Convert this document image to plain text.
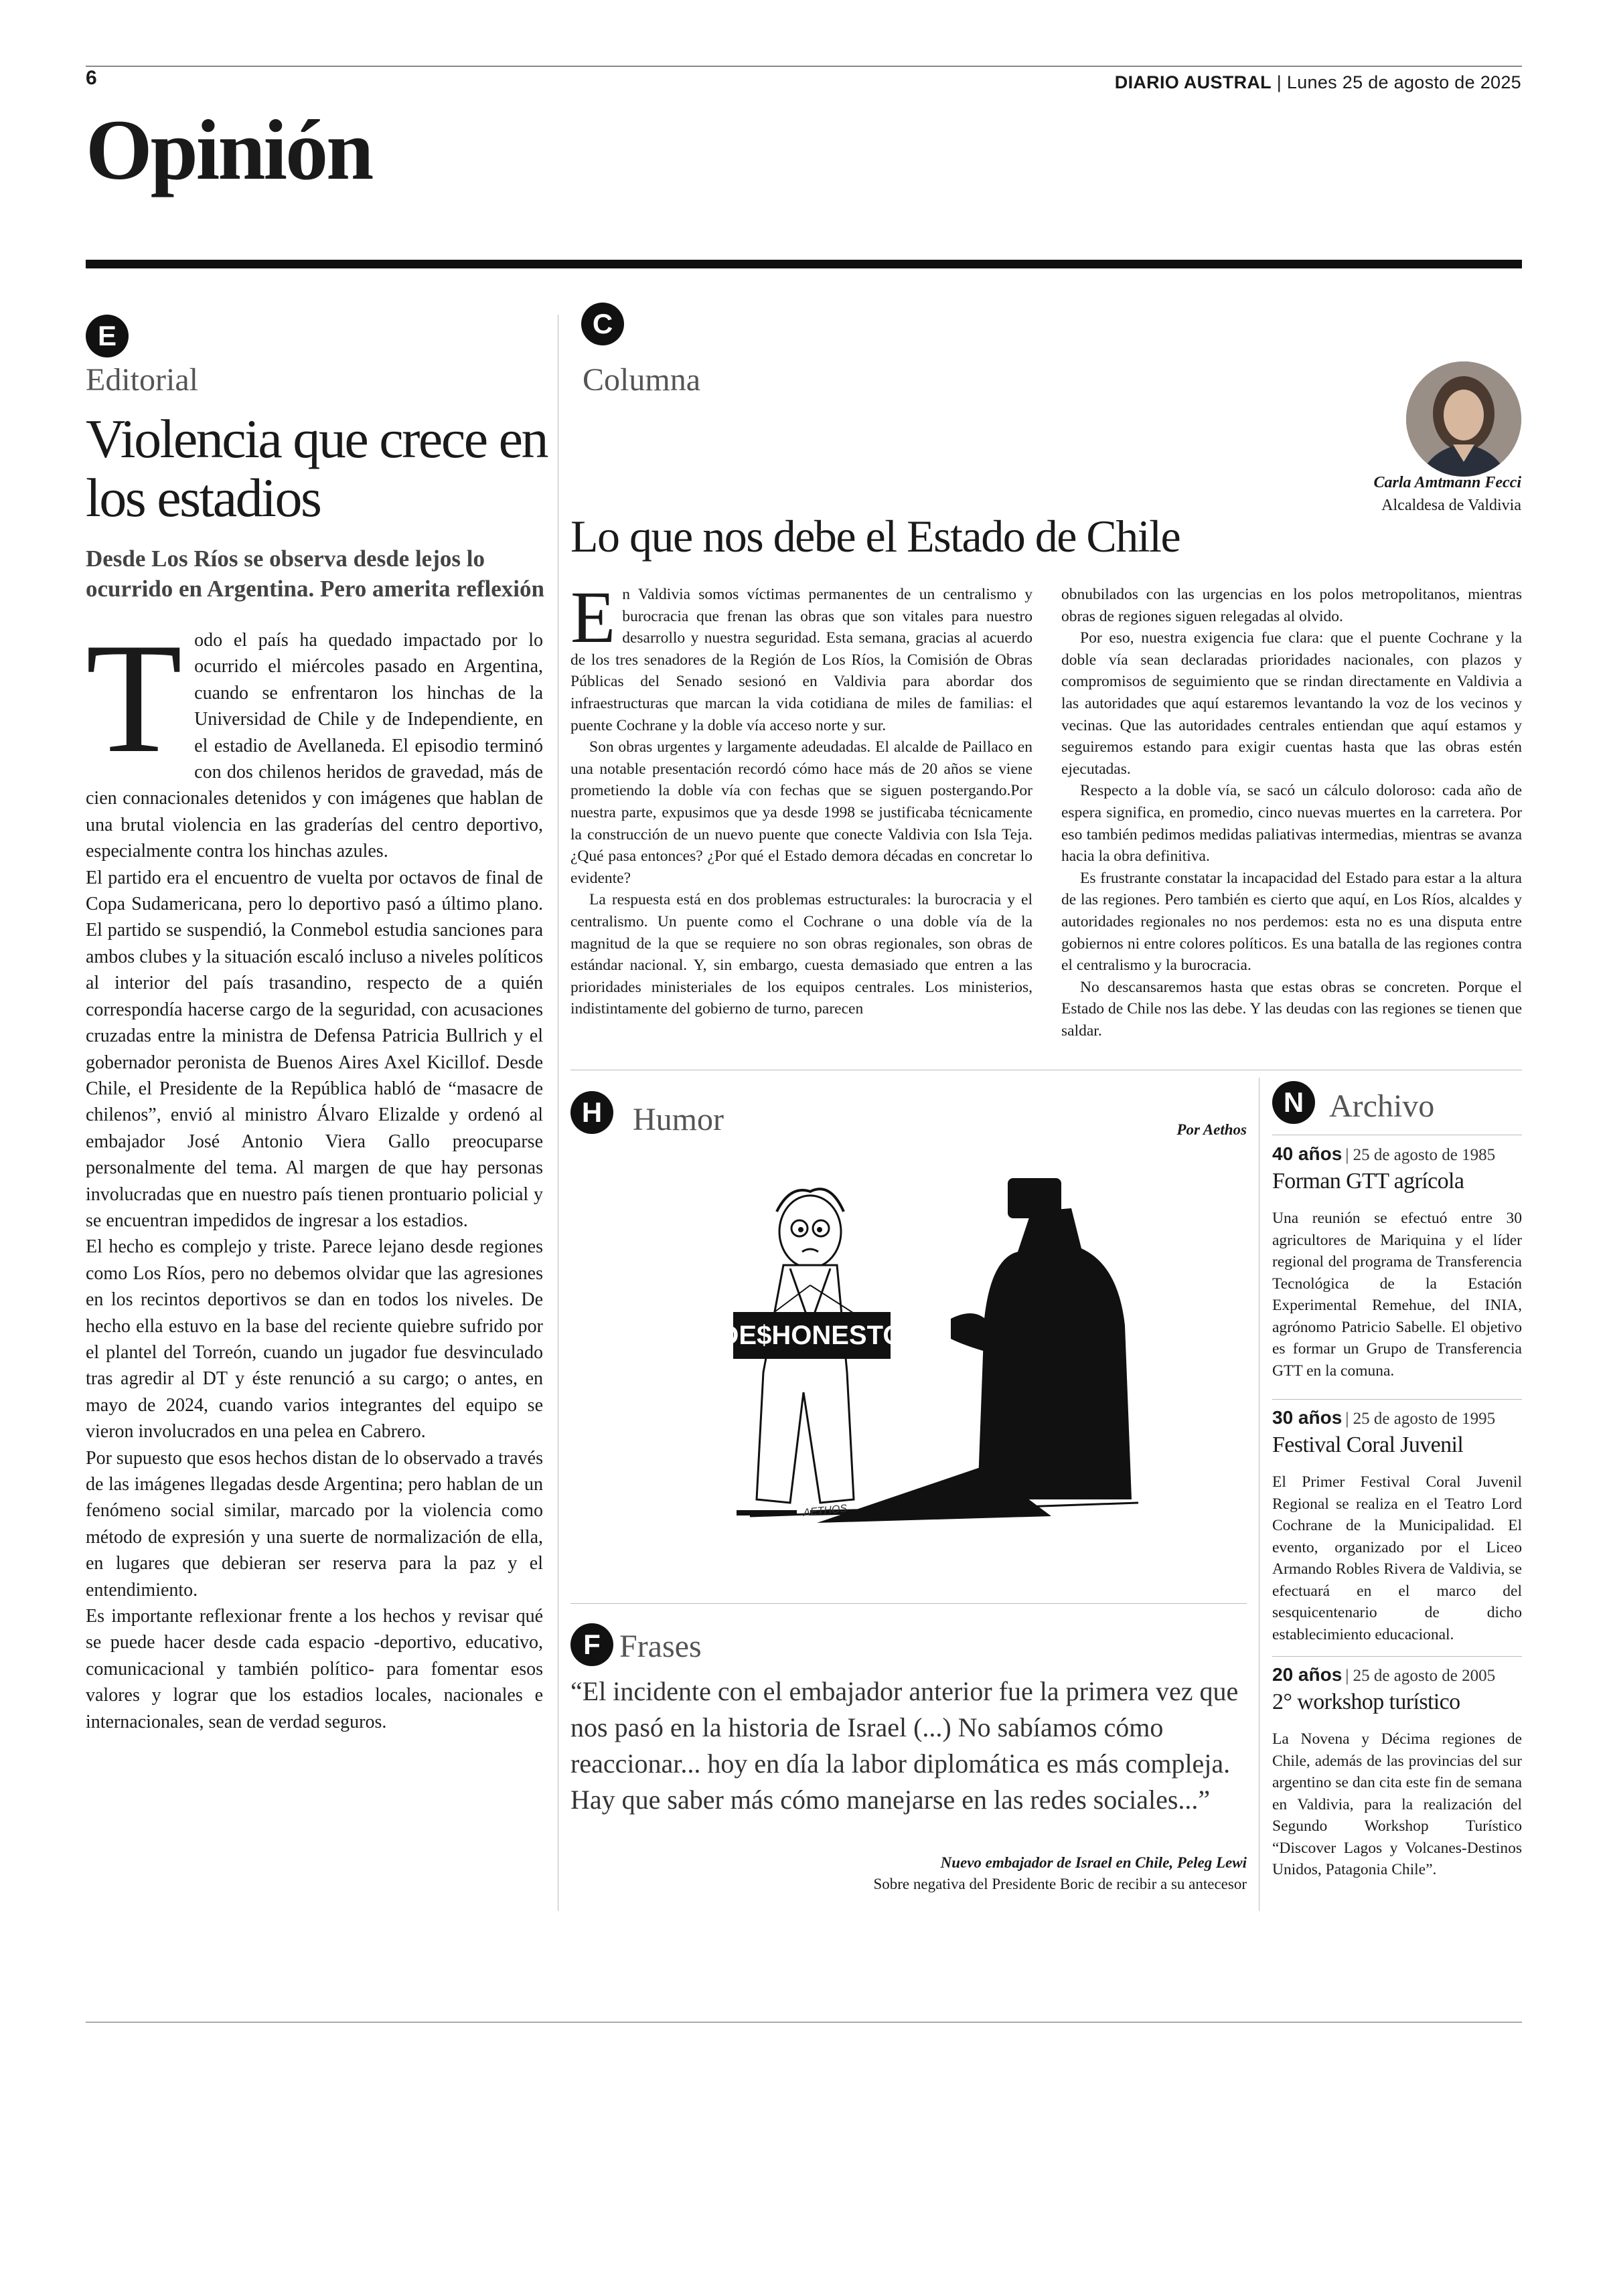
6	DIARIO AUSTRAL | Lunes 25 de agosto de 2025
Opinión
E
Editorial
Violencia que crece en los estadios
Desde Los Ríos se observa desde lejos lo ocurrido en Argentina. Pero amerita reflexión

Todo el país ha quedado impactado por lo ocurrido el miércoles pasado en Argentina, cuando se enfrentaron los hinchas de la Universidad de Chile y de Independiente, en el estadio de Avellaneda. El episodio terminó con dos chilenos heridos de gravedad, más de cien connacionales detenidos y con imágenes que hablan de una brutal violencia en las graderías del centro deportivo, especialmente contra los hinchas azules.

El partido era el encuentro de vuelta por octavos de final de Copa Sudamericana, pero lo deportivo pasó a último plano. El partido se suspendió, la Conmebol estudia sanciones para ambos clubes y la situación escaló incluso a niveles políticos al interior del país trasandino, respecto de a quién correspondía hacerse cargo de la seguridad, con acusaciones cruzadas entre la ministra de Defensa Patricia Bullrich y el gobernador peronista de Buenos Aires Axel Kicillof. Desde Chile, el Presidente de la República habló de “masacre de chilenos”, envió al ministro Álvaro Elizalde y ordenó al embajador José Antonio Viera Gallo preocuparse personalmente del tema. Al margen de que hay personas involucradas que en nuestro país tienen prontuario policial y se encuentran impedidos de ingresar a los estadios.

El hecho es complejo y triste. Parece lejano desde regiones como Los Ríos, pero no debemos olvidar que las agresiones en los recintos deportivos se dan en todos los niveles. De hecho ella estuvo en la base del reciente quiebre sufrido por el plantel del Torreón, cuando un jugador fue desvinculado tras agredir al DT y éste renunció a su cargo; o antes, en mayo de 2024, cuando varios integrantes del equipo se vieron involucrados en una pelea en Cabrero.

Por supuesto que esos hechos distan de lo observado a través de las imágenes llegadas desde Argentina; pero hablan de un fenómeno social similar, marcado por la violencia como método de expresión y una suerte de normalización de ella, en lugares que debieran ser reserva para la paz y el entendimiento.

Es importante reflexionar frente a los hechos y revisar qué se puede hacer desde cada espacio -deportivo, educativo, comunicacional y también político- para fomentar esos valores y lograr que los estadios locales, nacionales e internacionales, sean de verdad seguros.

C
Columna
Carla Amtmann Fecci
Alcaldesa de Valdivia
Lo que nos debe el Estado de Chile

En Valdivia somos víctimas permanentes de un centralismo y burocracia que frenan las obras que son vitales para nuestro desarrollo y nuestra seguridad. Esta semana, gracias al acuerdo de los tres senadores de la Región de Los Ríos, la Comisión de Obras Públicas del Senado sesionó en Valdivia para abordar dos infraestructuras que marcan la vida cotidiana de miles de familias: el puente Cochrane y la doble vía acceso norte y sur.

Son obras urgentes y largamente adeudadas. El alcalde de Paillaco en una notable presentación recordó cómo hace más de 20 años se viene prometiendo la doble vía con fechas que se siguen postergando.Por nuestra parte, expusimos que ya desde 1998 se justificaba técnicamente la construcción de un nuevo puente que conecte Valdivia con Isla Teja. ¿Qué pasa entonces? ¿Por qué el Estado demora décadas en concretar lo evidente?

La respuesta está en dos problemas estructurales: la burocracia y el centralismo. Un puente como el Cochrane o una doble vía de la magnitud de la que se requiere no son obras regionales, son obras de estándar nacional. Y, sin embargo, cuesta demasiado que entren a las prioridades ministeriales de los equipos centrales. Los ministerios, indistintamente del gobierno de turno, parecen

obnubilados con las urgencias en los polos metropolitanos, mientras obras de regiones siguen relegadas al olvido.

Por eso, nuestra exigencia fue clara: que el puente Cochrane y la doble vía sean declaradas prioridades nacionales, con plazos y compromisos de seguimiento que se rindan directamente en Valdivia a las autoridades que aquí estaremos levantando la voz de los vecinos y vecinas. Que las autoridades centrales entiendan que aquí estamos y seguiremos estando para exigir cuentas hasta que las obras estén ejecutadas.

Respecto a la doble vía, se sacó un cálculo doloroso: cada año de espera significa, en promedio, cinco nuevas muertes en la carretera. Por eso también pedimos medidas paliativas intermedias, mientras se avanza hacia la obra definitiva.

Es frustrante constatar la incapacidad del Estado para estar a la altura de las regiones. Pero también es cierto que aquí, en Los Ríos, alcaldes y autoridades regionales no nos perdemos: esta no es una disputa entre gobiernos ni entre colores políticos. Es una batalla de las regiones contra el centralismo y la burocracia.

No descansaremos hasta que estas obras se concreten. Porque el Estado de Chile nos las debe. Y las deudas con las regiones se tienen que saldar.

H Humor	Por Aethos
DE$HONESTO
AETHOS
F Frases
“El incidente con el embajador anterior fue la primera vez que nos pasó en la historia de Israel (...) No sabíamos cómo reaccionar... hoy en día la labor diplomática es más compleja. Hay que saber más cómo manejarse en las redes sociales...”
Nuevo embajador de Israel en Chile, Peleg Lewi
Sobre negativa del Presidente Boric de recibir a su antecesor
N Archivo
40 años | 25 de agosto de 1985
Forman GTT agrícola
Una reunión se efectuó entre 30 agricultores de Mariquina y el líder regional del programa de Transferencia Tecnológica de la Estación Experimental Remehue, del INIA, agrónomo Patricio Sabelle. El objetivo es formar un Grupo de Transferencia GTT en la comuna.
30 años | 25 de agosto de 1995
Festival Coral Juvenil
El Primer Festival Coral Juvenil Regional se realiza en el Teatro Lord Cochrane de la Municipalidad. El evento, organizado por el Liceo Armando Robles Rivera de Valdivia, se efectuará en el marco del sesquicentenario de dicho establecimiento educacional.
20 años | 25 de agosto de 2005
2° workshop turístico
La Novena y Décima regiones de Chile, además de las provincias del sur argentino se dan cita este fin de semana en Valdivia, para la realización del Segundo Workshop Turístico “Discover Lagos y Volcanes-Destinos Unidos, Patagonia Chile”.
